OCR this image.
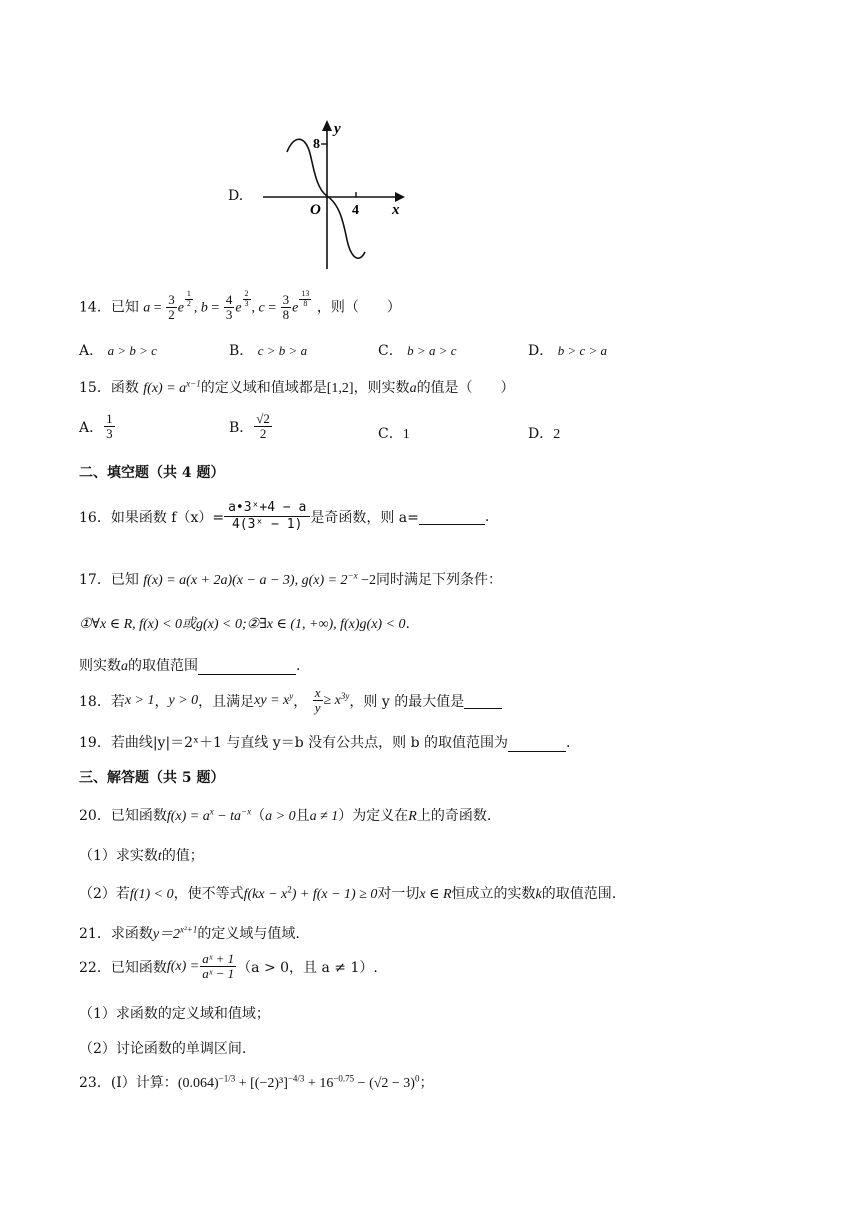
D.
y
x
O
8
4
14．已知 $a = \frac{3}{2}$ e $^{\frac{1}{2}}$ , $b = \frac{4}{3}$ e $^{\frac{2}{3}}$ , $c = \frac{3}{8}$ e $^{\frac{13}{8}}$ ，则（　　）
A． a > b > c	B． c > b > a	C． b > a > c	D． b > c > a
15．函数 $f(x) = a^{x-1}$的定义域和值域都是[1,2]，则实数a的值是（　　）
A． $\frac{1}{3}$	B． $\frac{√2}{2}$	C．1	D．2
二、填空题（共 4 题）
16．如果函数 $f(x)= \frac{\text{a•3ˣ+4 − a}}{\text{4(3ˣ − 1)}}$ 是奇函数，则 a=	.
17．已知 f(x) = a(x + 2a)(x − a − 3), $g(x) = 2^{-x} -2$同时满足下列条件：
①∀x ∈ R, f(x) < 0或g(x) < 0;②∃x ∈ (1, +∞), f(x)g(x) < 0.
则实数a的取值范围	.
18．若x > 1，y > 0，且满足xy = $x^y$， $\frac{x}{y} \ge x^{3y}$，则 y 的最大值是
19．若曲线|y|＝2ˣ＋1 与直线 y＝b 没有公共点，则 b 的取值范围为	.
三、解答题（共 5 题）
20．已知函数$f(x) = a^x - ta^{-x}(a > 0$且a ≠ 1）为定义在R上的奇函数.
（1）求实数t的值；
（2）若f(1) < 0，使不等式$f(kx - x^2) + f(x - 1) \ge 0$对一切x ∈ R恒成立的实数k的取值范围.
21．求函数$y=2^{x^2+1}$的定义域与值域.
22．已知函数$f(x) = \frac{\text{aˣ + 1}}{\text{aˣ − 1}} (a > 0$，且 a ≠ 1）.
（1）求函数的定义域和值域；
（2）讨论函数的单调区间.
23．(I）计算：$(0.064)^{-1/3} + [(-2)^3]^{-4/3} + 16^{-0.75} - (√2 - 3)^0$；
